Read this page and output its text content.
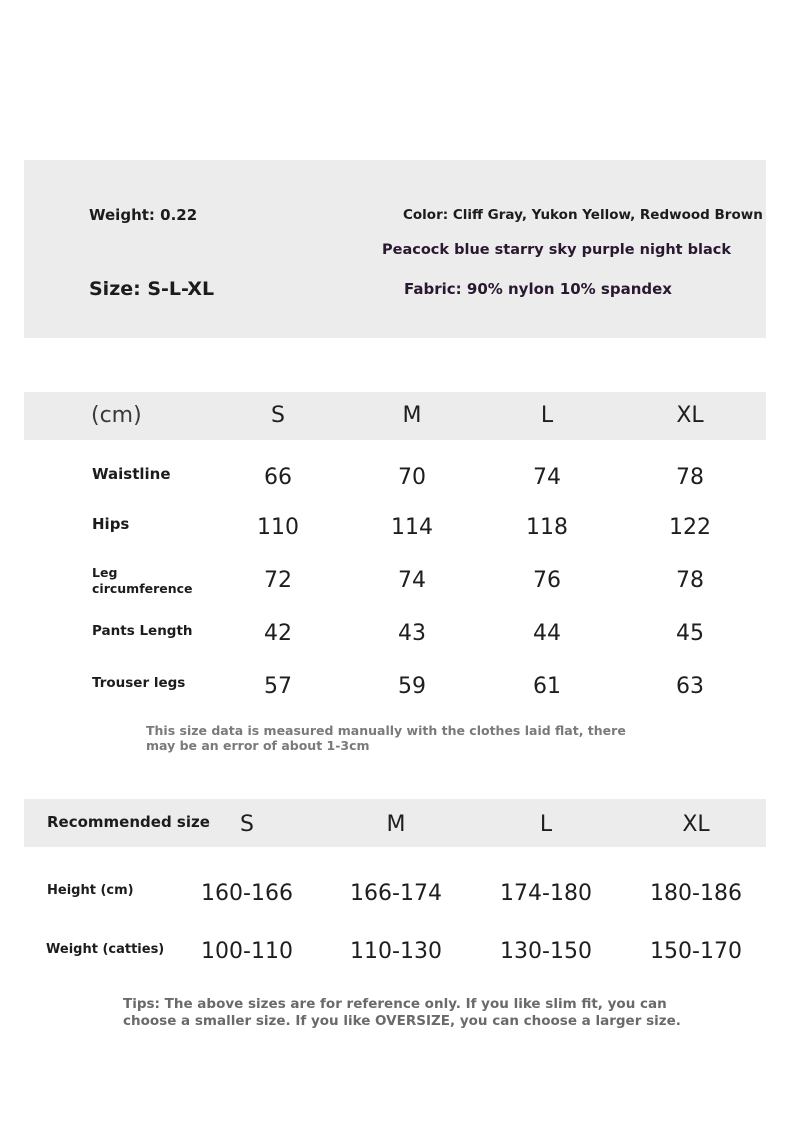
Weight: 0.22
Size: S-L-XL
Color: Cliff Gray, Yukon Yellow, Redwood Brown
Peacock blue starry sky purple night black
Fabric: 90% nylon 10% spandex
(cm)	S	M	L	XL
Waistline	66	70	74	78
Hips	110	114	118	122
Leg
circumference	72	74	76	78
Pants Length	42	43	44	45
Trouser legs	57	59	61	63
This size data is measured manually with the clothes laid flat, there may be an error of about 1-3cm
Recommended size	S	M	L	XL
Height (cm)	160-166	166-174	174-180	180-186
Weight (catties)	100-110	110-130	130-150	150-170
Tips: The above sizes are for reference only. If you like slim fit, you can choose a smaller size. If you like OVERSIZE, you can choose a larger size.
